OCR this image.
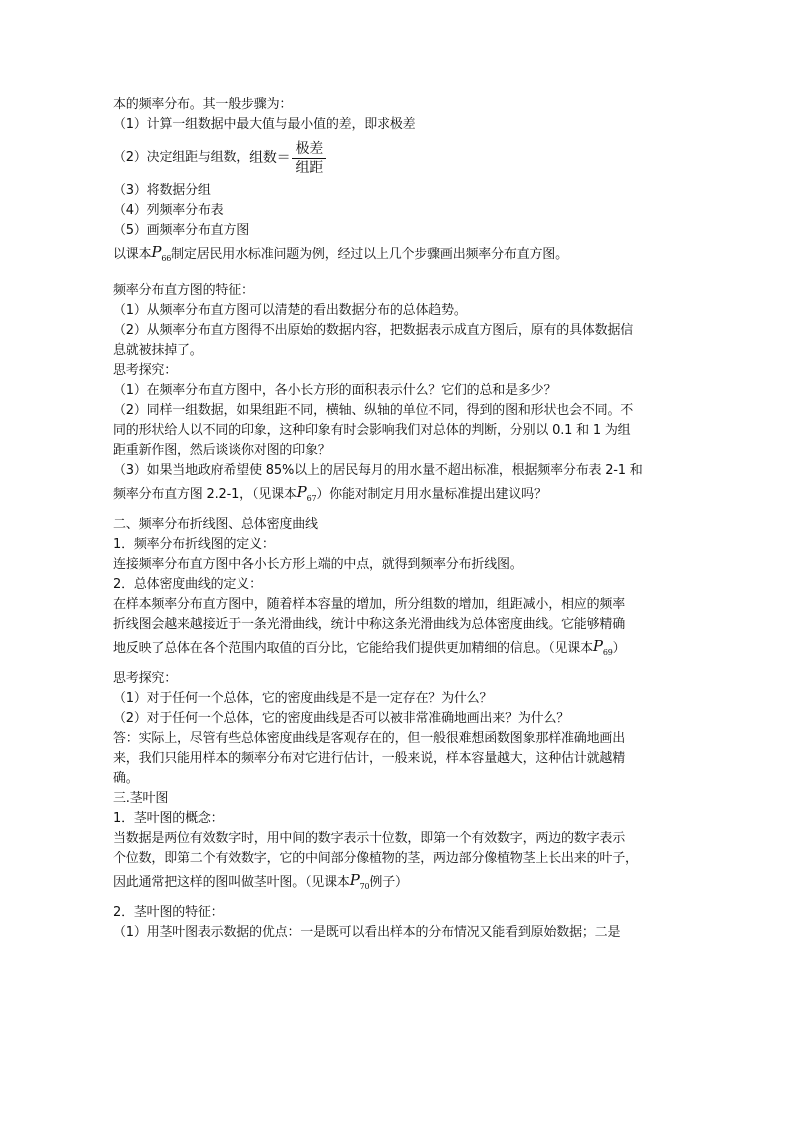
本的频率分布。其一般步骤为：
（1）计算一组数据中最大值与最小值的差，即求极差
（2）决定组距与组数， 组数＝ $\frac{\text{极差}}{\text{组距}}$
（3）将数据分组
（4）列频率分布表
（5）画频率分布直方图
以课本 $P_{66}$ 制定居民用水标准问题为例，经过以上几个步骤画出频率分布直方图。
频率分布直方图的特征：
（1）从频率分布直方图可以清楚的看出数据分布的总体趋势。
（2）从频率分布直方图得不出原始的数据内容，把数据表示成直方图后，原有的具体数据信
息就被抹掉了。
思考探究：
（1）在频率分布直方图中，各小长方形的面积表示什么？它们的总和是多少？
（2）同样一组数据，如果组距不同，横轴、纵轴的单位不同，得到的图和形状也会不同。不
同的形状给人以不同的印象，这种印象有时会影响我们对总体的判断，分别以 0.1 和 1 为组
距重新作图，然后谈谈你对图的印象？
（3）如果当地政府希望使 85%以上的居民每月的用水量不超出标准，根据频率分布表 2-1 和
频率分布直方图 2.2-1，（见课本 $P_{67}$ ）你能对制定月用水量标准提出建议吗？
二、频率分布折线图、总体密度曲线
1．频率分布折线图的定义：
连接频率分布直方图中各小长方形上端的中点，就得到频率分布折线图。
2．总体密度曲线的定义：
在样本频率分布直方图中，随着样本容量的增加，所分组数的增加，组距减小，相应的频率
折线图会越来越接近于一条光滑曲线，统计中称这条光滑曲线为总体密度曲线。它能够精确
地反映了总体在各个范围内取值的百分比，它能给我们提供更加精细的信息。（见课本 $P_{69}$ ）
思考探究：
（1）对于任何一个总体，它的密度曲线是不是一定存在？为什么？
（2）对于任何一个总体，它的密度曲线是否可以被非常准确地画出来？为什么？
答：实际上，尽管有些总体密度曲线是客观存在的，但一般很难想函数图象那样准确地画出
来，我们只能用样本的频率分布对它进行估计，一般来说，样本容量越大，这种估计就越精
确。
三.茎叶图
1．茎叶图的概念：
当数据是两位有效数字时，用中间的数字表示十位数，即第一个有效数字，两边的数字表示
个位数，即第二个有效数字，它的中间部分像植物的茎，两边部分像植物茎上长出来的叶子，
因此通常把这样的图叫做茎叶图。（见课本 $P_{70}$ 例子）
2．茎叶图的特征：
（1）用茎叶图表示数据的优点：一是既可以看出样本的分布情况又能看到原始数据；二是
